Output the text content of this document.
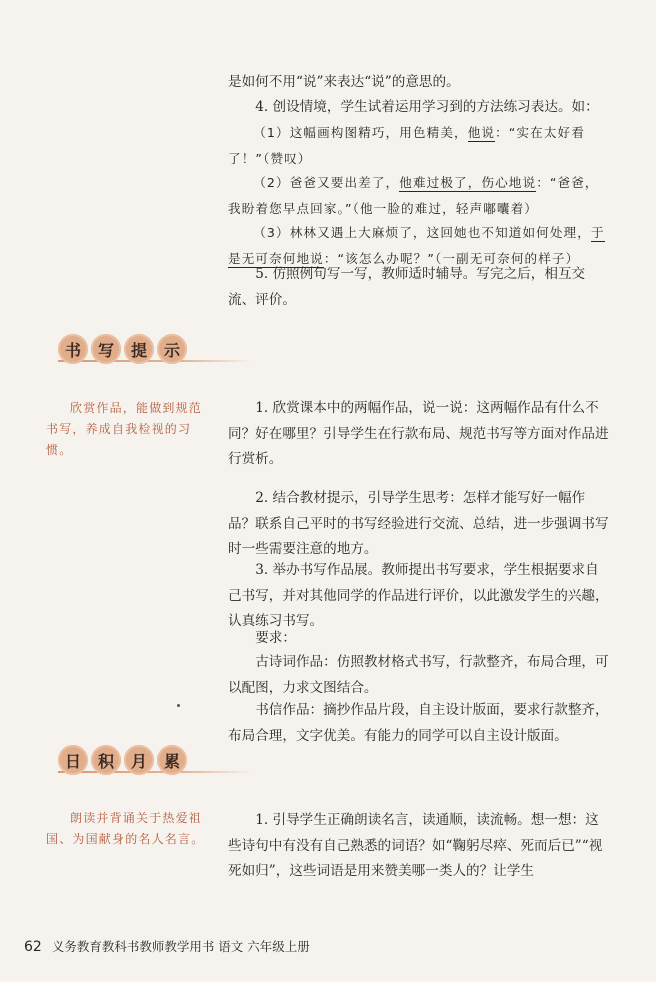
是如何不用“说”来表达“说”的意思的。

4. 创设情境，学生试着运用学习到的方法练习表达。如：

（1）这幅画构图精巧，用色精美，他说：“实在太好看了！”（赞叹）

（2）爸爸又要出差了，他难过极了，伤心地说：“爸爸，我盼着您早点回家。”（他一脸的难过，轻声嘟囔着）

（3）林林又遇上大麻烦了，这回她也不知道如何处理，于是无可奈何地说：“该怎么办呢？”（一副无可奈何的样子）

5. 仿照例句写一写，教师适时辅导。写完之后，相互交流、评价。

书	写	提	示

欣赏作品，能做到规范书写，养成自我检视的习惯。

1. 欣赏课本中的两幅作品，说一说：这两幅作品有什么不同？好在哪里？引导学生在行款布局、规范书写等方面对作品进行赏析。

2. 结合教材提示，引导学生思考：怎样才能写好一幅作品？联系自己平时的书写经验进行交流、总结，进一步强调书写时一些需要注意的地方。

3. 举办书写作品展。教师提出书写要求，学生根据要求自己书写，并对其他同学的作品进行评价，以此激发学生的兴趣，认真练习书写。

要求：

古诗词作品：仿照教材格式书写，行款整齐，布局合理，可以配图，力求文图结合。

书信作品：摘抄作品片段，自主设计版面，要求行款整齐，布局合理，文字优美。有能力的同学可以自主设计版面。

日	积	月	累

朗读并背诵关于热爱祖国、为国献身的名人名言。

1. 引导学生正确朗读名言，读通顺，读流畅。想一想：这些诗句中有没有自己熟悉的词语？如“鞠躬尽瘁、死而后已”“视死如归”，这些词语是用来赞美哪一类人的？让学生

62 义务教育教科书教师教学用书 语文 六年级上册
